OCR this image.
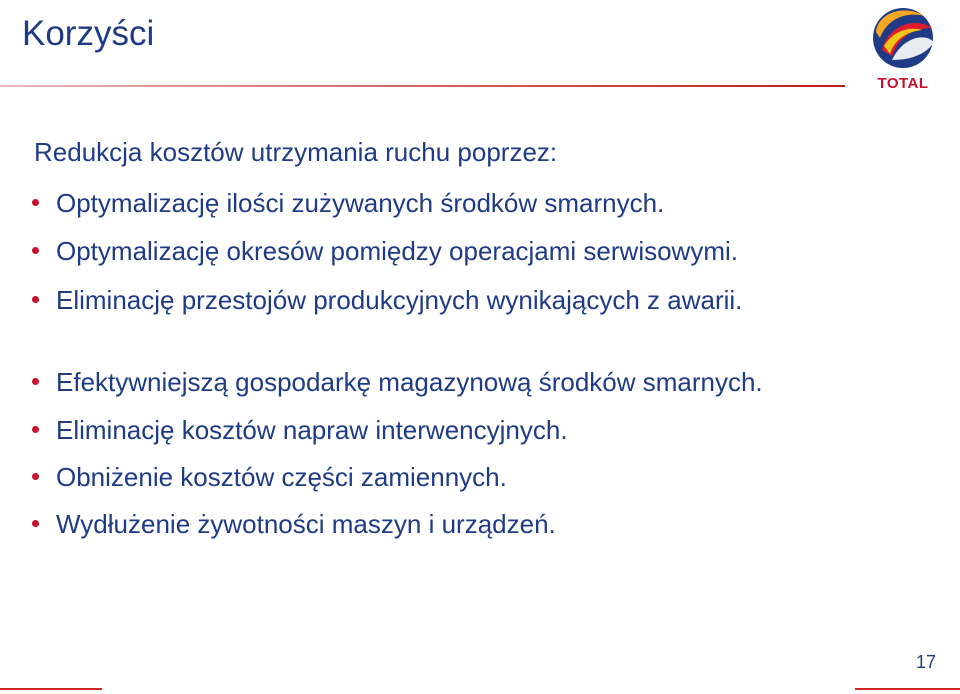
Korzyści
TOTAL
Redukcja kosztów utrzymania ruchu poprzez:
Optymalizację ilości zużywanych środków smarnych.
Optymalizację okresów pomiędzy operacjami serwisowymi.
Eliminację przestojów produkcyjnych wynikających z awarii.
Efektywniejszą gospodarkę magazynową środków smarnych.
Eliminację kosztów napraw interwencyjnych.
Obniżenie kosztów części zamiennych.
Wydłużenie żywotności maszyn i urządzeń.
17
